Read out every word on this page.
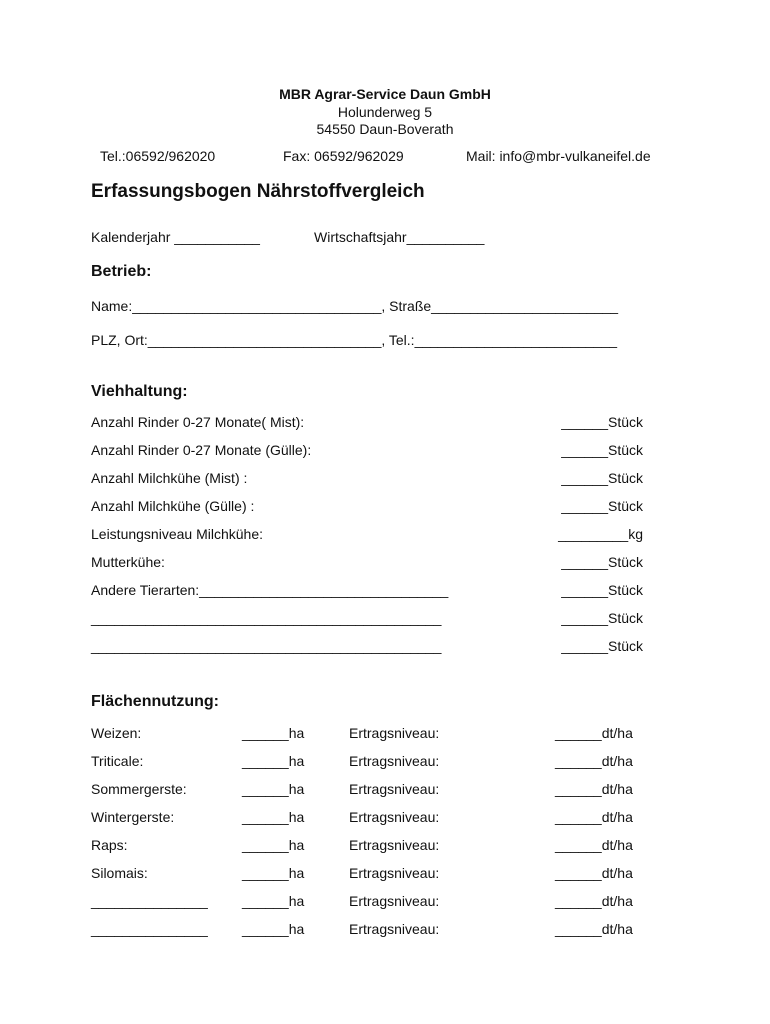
MBR Agrar-Service Daun GmbH
Holunderweg 5
54550 Daun-Boverath
Tel.:06592/962020	Fax: 06592/962029	Mail: info@mbr-vulkaneifel.de
Erfassungsbogen Nährstoffvergleich
Kalenderjahr ___________	Wirtschaftsjahr__________
Betrieb:
Name:________________________________, Straße________________________
PLZ, Ort:______________________________, Tel.:__________________________
Viehhaltung:
Anzahl Rinder 0-27 Monate( Mist):	______Stück
Anzahl Rinder 0-27 Monate (Gülle):	______Stück
Anzahl Milchkühe (Mist) :	______Stück
Anzahl Milchkühe (Gülle) :	______Stück
Leistungsniveau Milchkühe:	_________kg
Mutterkühe:	______Stück
Andere Tierarten:________________________________	______Stück
_____________________________________________	______Stück
_____________________________________________	______Stück
Flächennutzung:
Weizen:	______ha	Ertragsniveau:	______dt/ha
Triticale:	______ha	Ertragsniveau:	______dt/ha
Sommergerste:	______ha	Ertragsniveau:	______dt/ha
Wintergerste:	______ha	Ertragsniveau:	______dt/ha
Raps:	______ha	Ertragsniveau:	______dt/ha
Silomais:	______ha	Ertragsniveau:	______dt/ha
_______________ ______ha	Ertragsniveau:	______dt/ha
_______________ ______ha	Ertragsniveau:	______dt/ha
